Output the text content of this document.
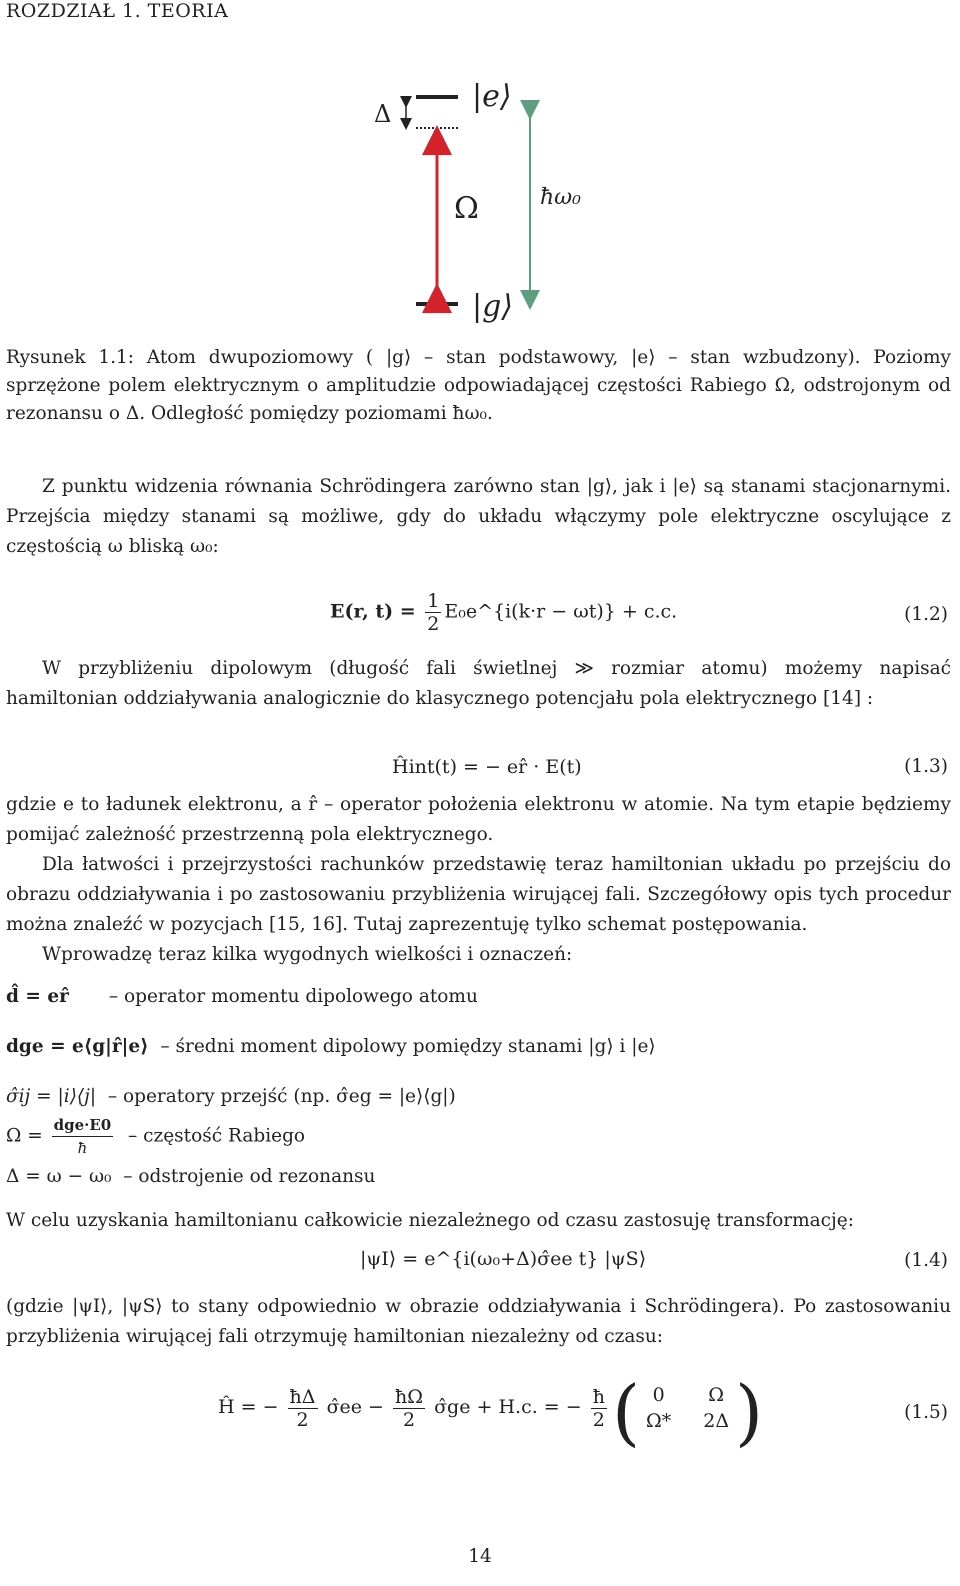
ROZDZIAŁ 1. TEORIA
Δ	|e⟩
Ω	ħω₀
|g⟩
Rysunek 1.1: Atom dwupoziomowy ( |g⟩ – stan podstawowy, |e⟩ – stan wzbudzony). Poziomy sprzężone polem elektrycznym o amplitudzie odpowiadającej częstości Rabiego Ω, odstrojonym od rezonansu o Δ. Odległość pomiędzy poziomami ħω₀.
Z punktu widzenia równania Schrödingera zarówno stan |g⟩, jak i |e⟩ są stanami stacjonarnymi. Przejścia między stanami są możliwe, gdy do układu włączymy pole elektryczne oscylujące z częstością ω bliską ω₀:
E(r, $t) = \frac{1}{2}$ E₀e^{i(k·r − ωt)} + c.c.	(1.2)
W przybliżeniu dipolowym (długość fali świetlnej ≫ rozmiar atomu) możemy napisać hamiltonian oddziaływania analogicznie do klasycznego potencjału pola elektrycznego [14] :
Ĥint(t) = − er̂ · E(t)	(1.3)
gdzie e to ładunek elektronu, a r̂ – operator położenia elektronu w atomie. Na tym etapie będziemy pomijać zależność przestrzenną pola elektrycznego.
Dla łatwości i przejrzystości rachunków przedstawię teraz hamiltonian układu po przejściu do obrazu oddziaływania i po zastosowaniu przybliżenia wirującej fali. Szczegółowy opis tych procedur można znaleźć w pozycjach [15, 16]. Tutaj zaprezentuję tylko schemat postępowania.
Wprowadzę teraz kilka wygodnych wielkości i oznaczeń:
d̂ = er̂ – operator momentu dipolowego atomu
dge = e⟨g|r̂|e⟩ – średni moment dipolowy pomiędzy stanami |g⟩ i |e⟩
σ̂ij = |i⟩⟨j| – operatory przejść (np. σ̂eg = |e⟩⟨g|)
$\Omega = \frac{\text{dge·E0}}{ħ}$ – częstość Rabiego
Δ = ω − ω₀ – odstrojenie od rezonansu
W celu uzyskania hamiltonianu całkowicie niezależnego od czasu zastosuję transformację:
|ψI⟩ = e^{i(ω₀+Δ)σ̂ee t} |ψS⟩	(1.4)
(gdzie |ψI⟩, |ψS⟩ to stany odpowiednio w obrazie oddziaływania i Schrödingera). Po zastosowaniu przybliżenia wirującej fali otrzymuję hamiltonian niezależny od czasu:
Ĥ = − $\frac{ħ\Delta}{2}$ σ̂ee − $\frac{ħ\Omega}{2}$ σ̂ge + H.c. = − $\frac{ħ}{2}$
( 0	Ω
Ω*	2Δ )	(1.5)
14
